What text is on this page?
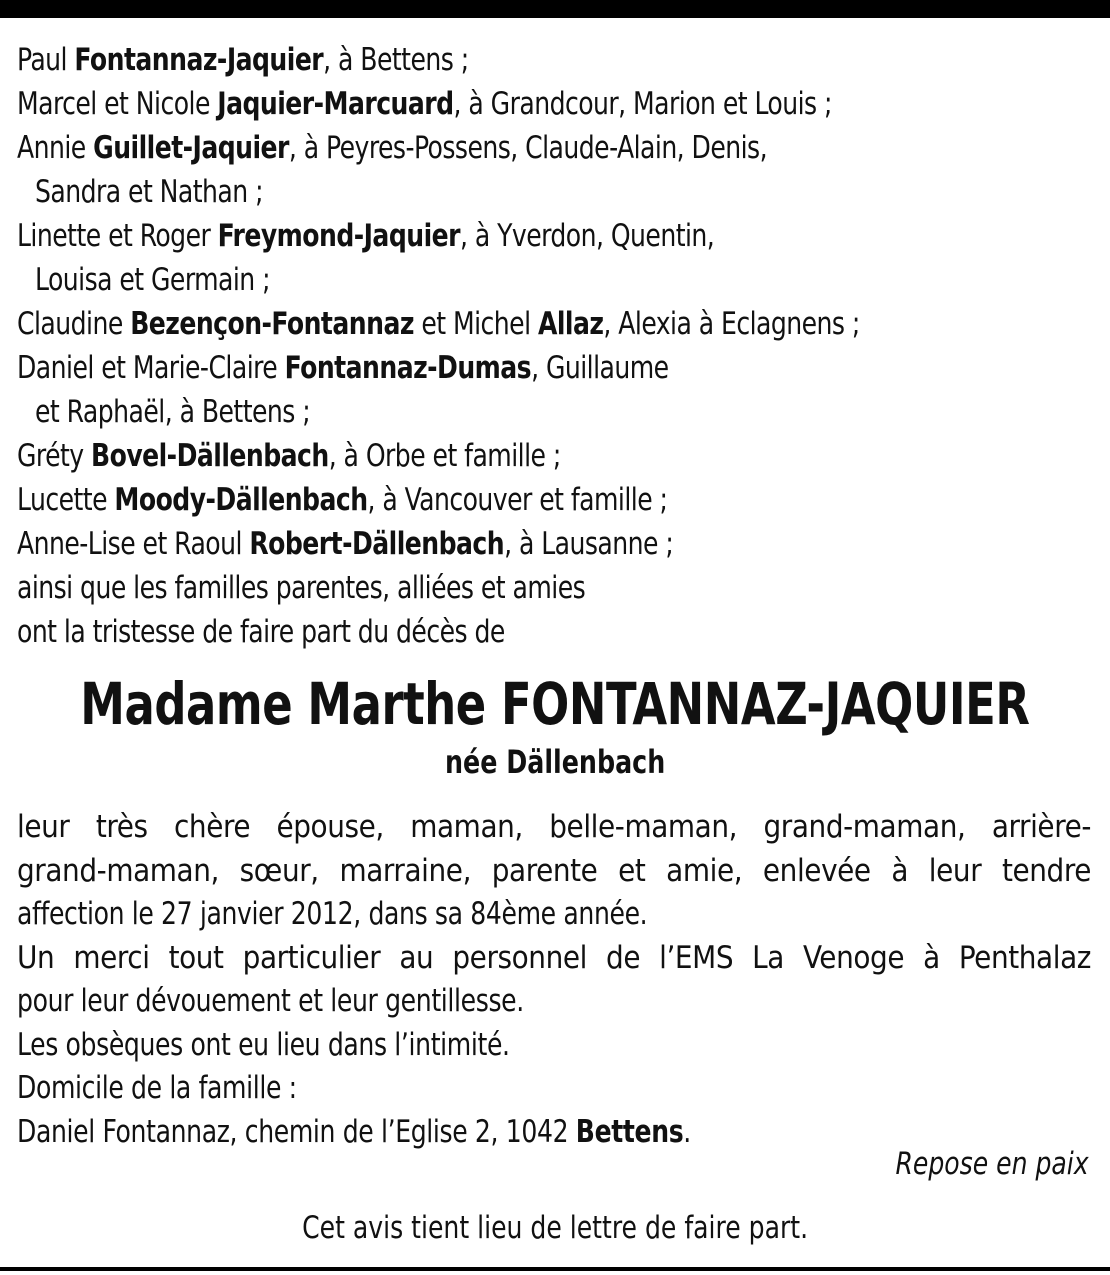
Paul Fontannaz-Jaquier, à Bettens ;
Marcel et Nicole Jaquier-Marcuard, à Grandcour, Marion et Louis ;
Annie Guillet-Jaquier, à Peyres-Possens, Claude-Alain, Denis,
Sandra et Nathan ;
Linette et Roger Freymond-Jaquier, à Yverdon, Quentin,
Louisa et Germain ;
Claudine Bezençon-Fontannaz et Michel Allaz, Alexia à Eclagnens ;
Daniel et Marie-Claire Fontannaz-Dumas, Guillaume
et Raphaël, à Bettens ;
Gréty Bovel-Dällenbach, à Orbe et famille ;
Lucette Moody-Dällenbach, à Vancouver et famille ;
Anne-Lise et Raoul Robert-Dällenbach, à Lausanne ;
ainsi que les familles parentes, alliées et amies
ont la tristesse de faire part du décès de
Madame Marthe FONTANNAZ-JAQUIER
née Dällenbach
leur très chère épouse, maman, belle-maman, grand-maman, arrière-
grand-maman, sœur, marraine, parente et amie, enlevée à leur tendre
affection le 27 janvier 2012, dans sa 84ème année.
Un merci tout particulier au personnel de l’EMS La Venoge à Penthalaz
pour leur dévouement et leur gentillesse.
Les obsèques ont eu lieu dans l’intimité.
Domicile de la famille :
Daniel Fontannaz, chemin de l’Eglise 2, 1042 Bettens.
Repose en paix
Cet avis tient lieu de lettre de faire part.
